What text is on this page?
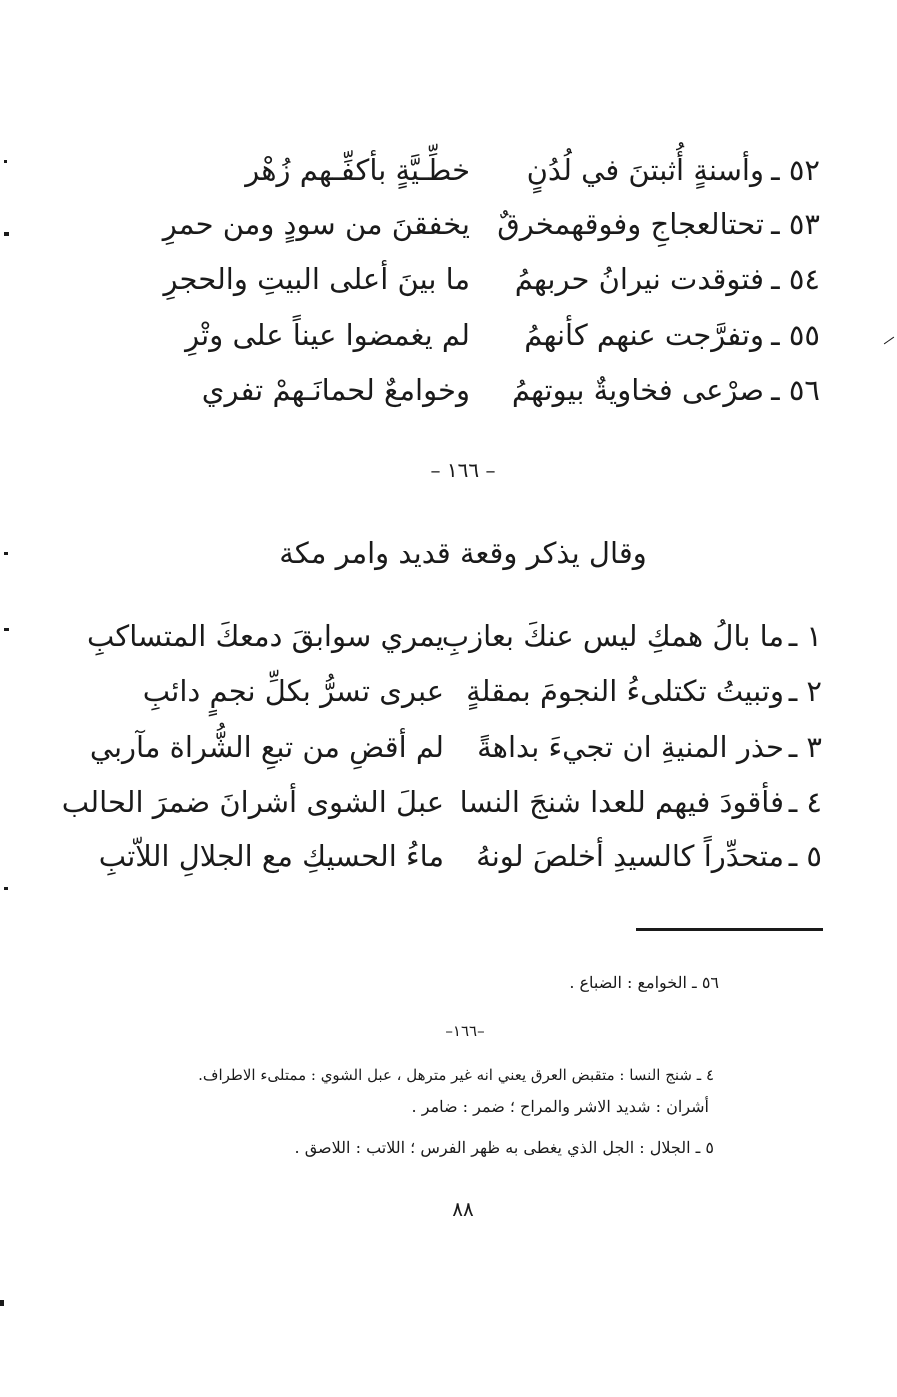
٥٢ ـ
وأسنةٍ أُثبتنَ في لُدُنٍ
خطِّـيَّةٍ بأكفِّـهم زُهْر
٥٣ ـ
تحتالعجاجِ وفوقهمخرقٌ
يخفقنَ من سودٍ ومن حمرِ
٥٤ ـ
فتوقدت نيرانُ حربهمُ
ما بينَ أعلى البيتِ والحجرِ
٥٥ ـ
وتفرَّجت عنهم كأنهمُ
لم يغمضوا عيناً على وتْرِ
٥٦ ـ
صرْعى فخاويةٌ بيوتهمُ
وخوامعٌ لحمانَـهمْ تفري
– ١٦٦ –
وقال يذكر وقعة قديد وامر مكة
١ ـ
ما بالُ همكِ ليس عنكَ بعازبِ
يمري سوابقَ دمعكَ المتساكبِ
٢ ـ
وتبيتُ تكتلىءُ النجومَ بمقلةٍ
عبرى تسرُّ بكلِّ نجمٍ دائبِ
٣ ـ
حذر المنيةِ ان تجيءَ بداهةً
لم أقضِ من تبعِ الشُّراة مآربي
٤ ـ
فأقودَ فيهم للعدا شنجَ النسا
عبلَ الشوى أشرانَ ضمرَ الحالب
٥ ـ
متحدِّراً كالسيدِ أخلصَ لونهُ
ماءُ الحسيكِ مع الجلالِ اللاّتبِ
٥٦ ـ الخوامع : الضباع .
–١٦٦–
٤ ـ شنج النسا : متقبض العرق يعني انه غير مترهل ، عبل الشوي : ممتلىء الاطراف.
أشران : شديد الاشر والمراح ؛ ضمر : ضامر .
٥ ـ الجلال : الجل الذي يغطى به ظهر الفرس ؛ اللاتب : اللاصق .
٨٨
